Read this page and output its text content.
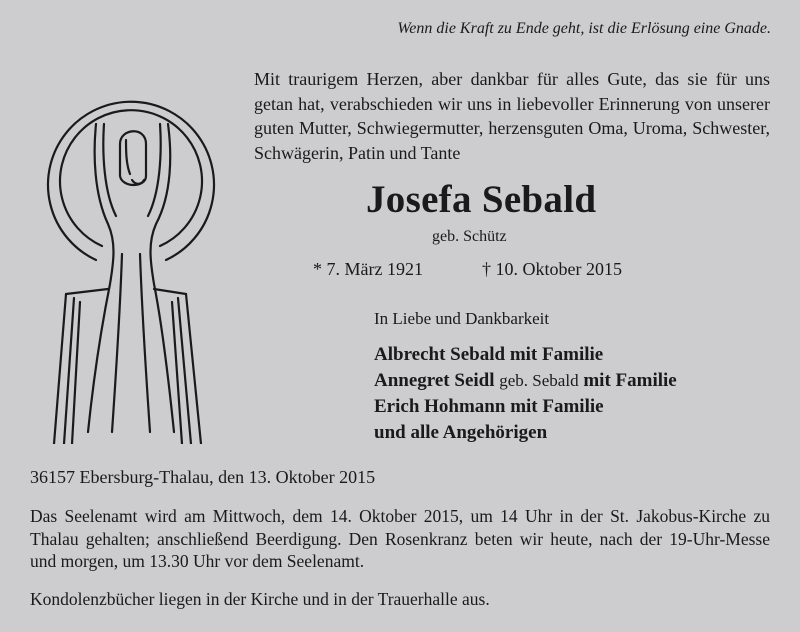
Wenn die Kraft zu Ende geht, ist die Erlösung eine Gnade.
Mit traurigem Herzen, aber dankbar für alles Gute, das sie für uns getan hat, verabschieden wir uns in liebevoller Erinnerung von unserer guten Mutter, Schwiegermutter, herzensguten Oma, Uroma, Schwester, Schwägerin, Patin und Tante
Josefa Sebald
geb. Schütz
* 7. März 1921	† 10. Oktober 2015
In Liebe und Dankbarkeit
Albrecht Sebald mit Familie
Annegret Seidl geb. Sebald mit Familie
Erich Hohmann mit Familie
und alle Angehörigen
36157 Ebersburg-Thalau, den 13. Oktober 2015
Das Seelenamt wird am Mittwoch, dem 14. Oktober 2015, um 14 Uhr in der St. Jakobus-Kirche zu Thalau gehalten; anschließend Beerdigung. Den Rosenkranz beten wir heute, nach der 19-Uhr-Messe und morgen, um 13.30 Uhr vor dem Seelenamt.
Kondolenzbücher liegen in der Kirche und in der Trauerhalle aus.
